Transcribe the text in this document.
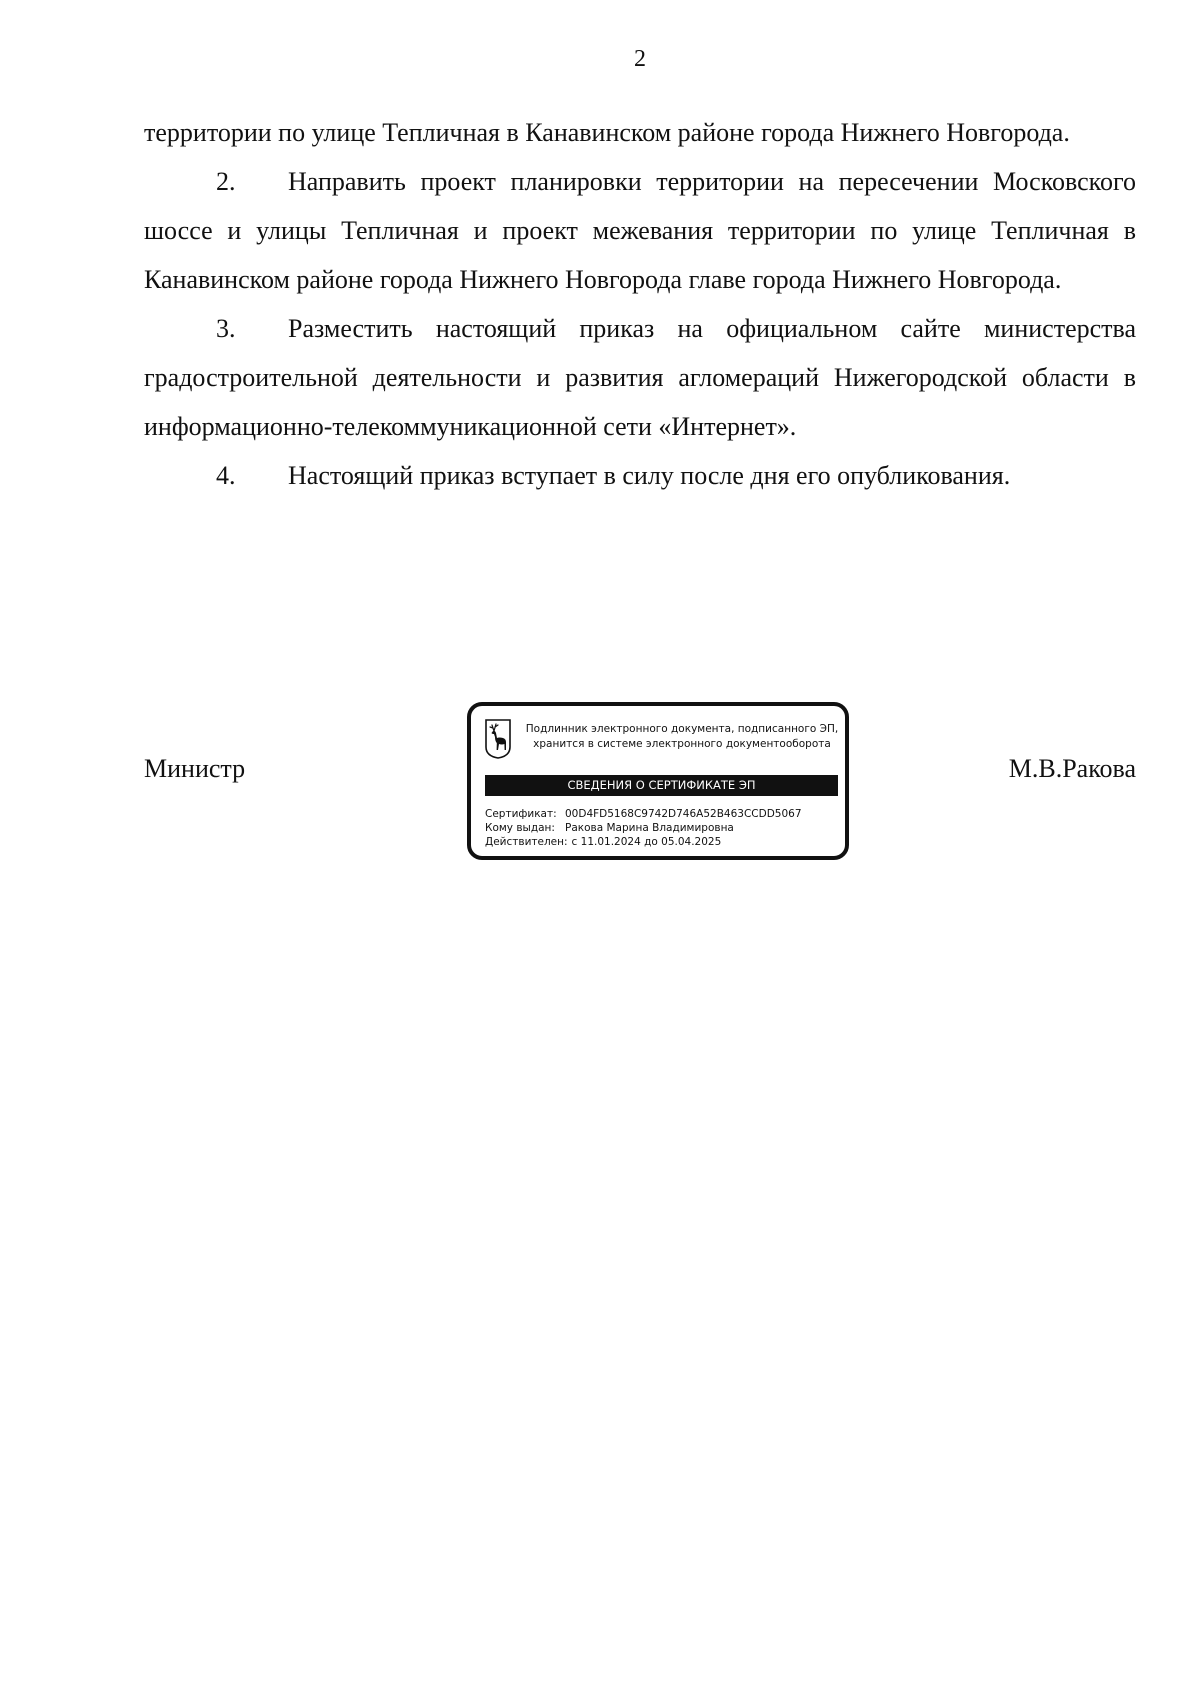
2

территории по улице Тепличная в Канавинском районе города Нижнего Новгорода.

2. Направить проект планировки территории на пересечении Московского шоссе и улицы Тепличная и проект межевания территории по улице Тепличная в Канавинском районе города Нижнего Новгорода главе города Нижнего Новгорода.

3. Разместить настоящий приказ на официальном сайте министерства градостроительной деятельности и развития агломераций Нижегородской области в информационно-телекоммуникационной сети «Интернет».

4. Настоящий приказ вступает в силу после дня его опубликования.

Министр	М.В.Ракова
Подлинник электронного документа, подписанного ЭП,
хранится в системе электронного документооборота
СВЕДЕНИЯ О СЕРТИФИКАТЕ ЭП
Сертификат: 00D4FD5168C9742D746A52B463CCDD5067
Кому выдан: Ракова Марина Владимировна
Действителен: с 11.01.2024 до 05.04.2025
